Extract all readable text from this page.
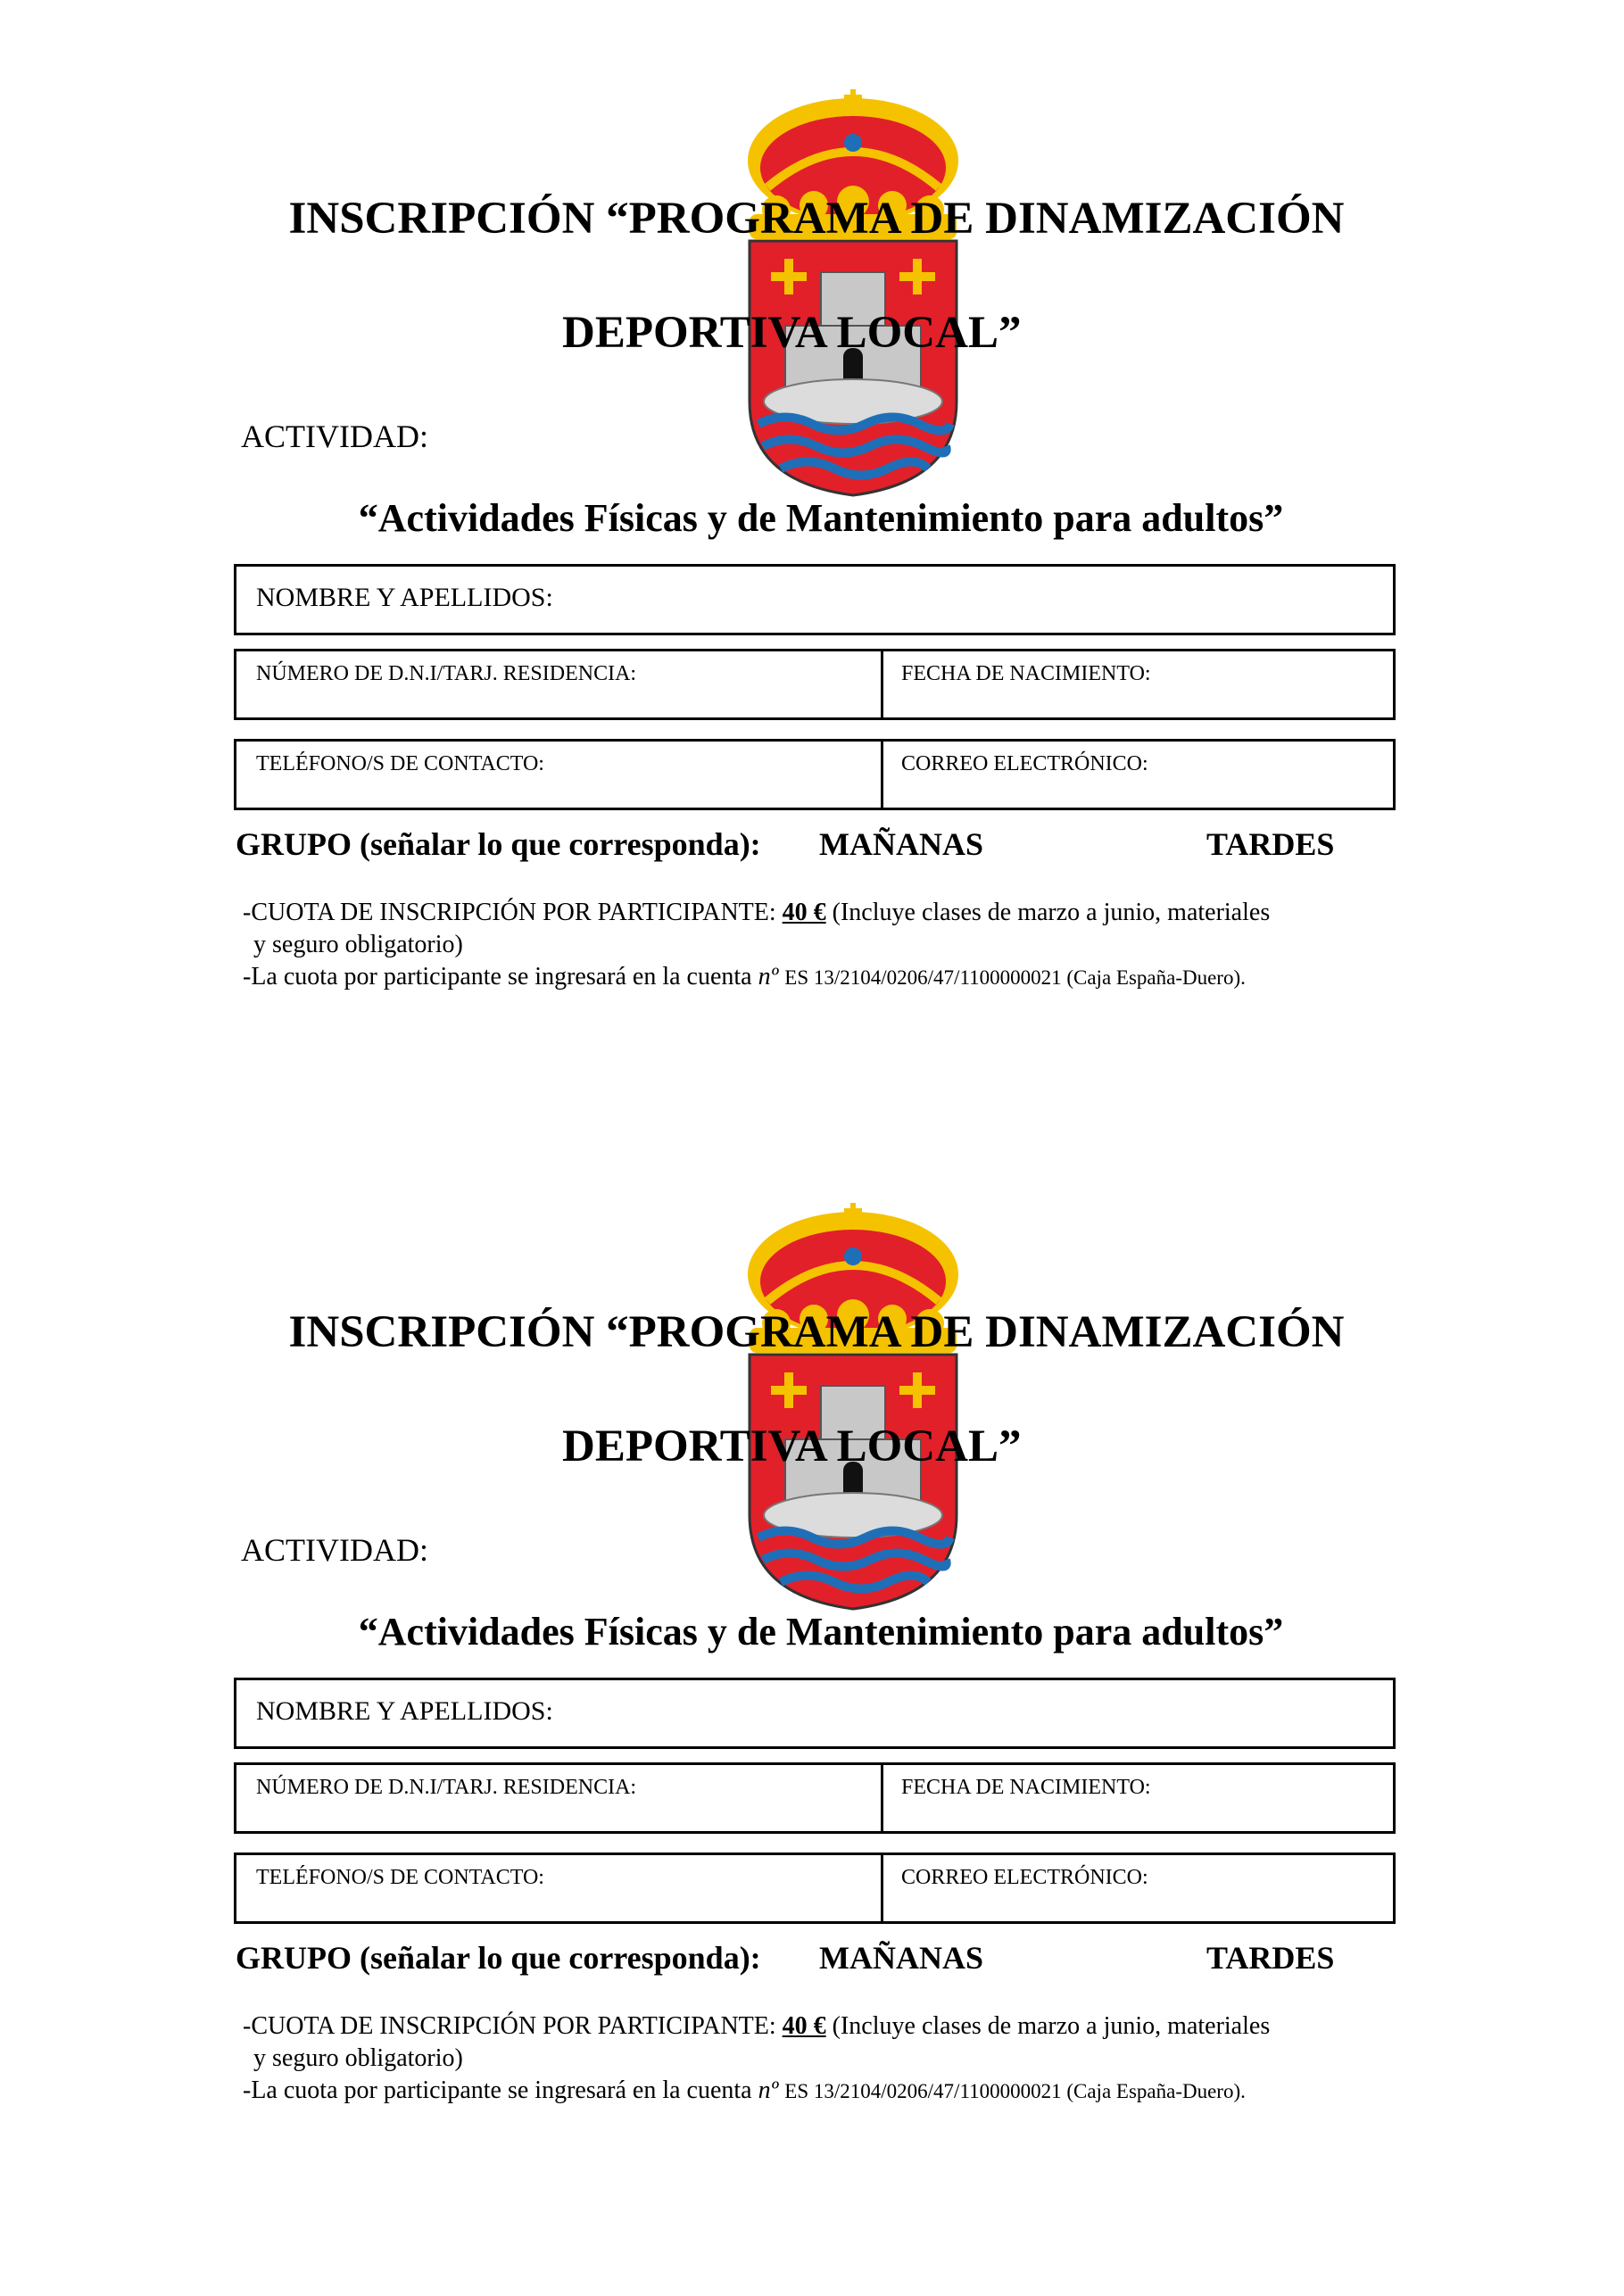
INSCRIPCIÓN “PROGRAMA DE DINAMIZACIÓN
DEPORTIVA LOCAL”
ACTIVIDAD:
“Actividades Físicas y de Mantenimiento para adultos”
NOMBRE Y APELLIDOS:
NÚMERO DE D.N.I/TARJ. RESIDENCIA:	FECHA DE NACIMIENTO:
TELÉFONO/S DE CONTACTO:	CORREO ELECTRÓNICO:
GRUPO (señalar lo que corresponda): MAÑANAS	TARDES
-CUOTA DE INSCRIPCIÓN POR PARTICIPANTE: 40 € (Incluye clases de marzo a junio, materiales
y seguro obligatorio)
-La cuota por participante se ingresará en la cuenta nº ES 13/2104/0206/47/1100000021 (Caja España-Duero).
INSCRIPCIÓN “PROGRAMA DE DINAMIZACIÓN
DEPORTIVA LOCAL”
ACTIVIDAD:
“Actividades Físicas y de Mantenimiento para adultos”
NOMBRE Y APELLIDOS:
NÚMERO DE D.N.I/TARJ. RESIDENCIA:	FECHA DE NACIMIENTO:
TELÉFONO/S DE CONTACTO:	CORREO ELECTRÓNICO:
GRUPO (señalar lo que corresponda): MAÑANAS	TARDES
-CUOTA DE INSCRIPCIÓN POR PARTICIPANTE: 40 € (Incluye clases de marzo a junio, materiales
y seguro obligatorio)
-La cuota por participante se ingresará en la cuenta nº ES 13/2104/0206/47/1100000021 (Caja España-Duero).
